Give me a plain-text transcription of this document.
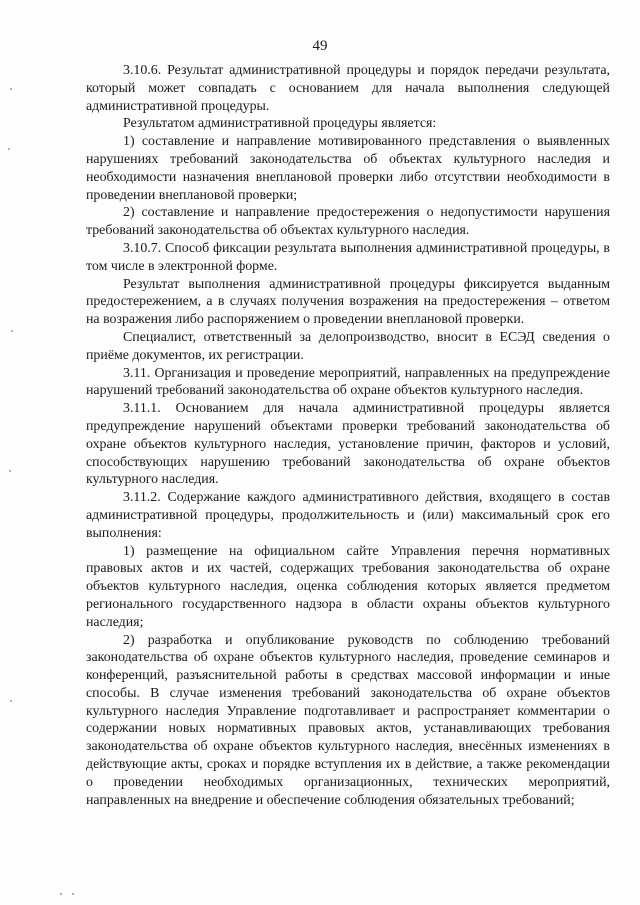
49

3.10.6. Результат административной процедуры и порядок передачи результата, который может совпадать с основанием для начала выполнения следующей административной процедуры.

Результатом административной процедуры является:

1) составление и направление мотивированного представления о выявленных нарушениях требований законодательства об объектах культурного наследия и необходимости назначения внеплановой проверки либо отсутствии необходимости в проведении внеплановой проверки;

2) составление и направление предостережения о недопустимости нарушения требований законодательства об объектах культурного наследия.

3.10.7. Способ фиксации результата выполнения административной процедуры, в том числе в электронной форме.

Результат выполнения административной процедуры фиксируется выданным предостережением, а в случаях получения возражения на предостережения – ответом на возражения либо распоряжением о проведении внеплановой проверки.

Специалист, ответственный за делопроизводство, вносит в ЕСЭД сведения о приёме документов, их регистрации.

3.11. Организация и проведение мероприятий, направленных на предупреждение нарушений требований законодательства об охране объектов культурного наследия.

3.11.1. Основанием для начала административной процедуры является предупреждение нарушений объектами проверки требований законодательства об охране объектов культурного наследия, установление причин, факторов и условий, способствующих нарушению требований законодательства об охране объектов культурного наследия.

3.11.2. Содержание каждого административного действия, входящего в состав административной процедуры, продолжительность и (или) максимальный срок его выполнения:

1) размещение на официальном сайте Управления перечня нормативных правовых актов и их частей, содержащих требования законодательства об охране объектов культурного наследия, оценка соблюдения которых является предметом регионального государственного надзора в области охраны объектов культурного наследия;

2) разработка и опубликование руководств по соблюдению требований законодательства об охране объектов культурного наследия, проведение семинаров и конференций, разъяснительной работы в средствах массовой информации и иные способы. В случае изменения требований законодательства об охране объектов культурного наследия Управление подготавливает и распространяет комментарии о содержании новых нормативных правовых актов, устанавливающих требования законодательства об охране объектов культурного наследия, внесённых изменениях в действующие акты, сроках и порядке вступления их в действие, а также рекомендации о проведении необходимых организационных, технических мероприятий, направленных на внедрение и обеспечение соблюдения обязательных требований;
